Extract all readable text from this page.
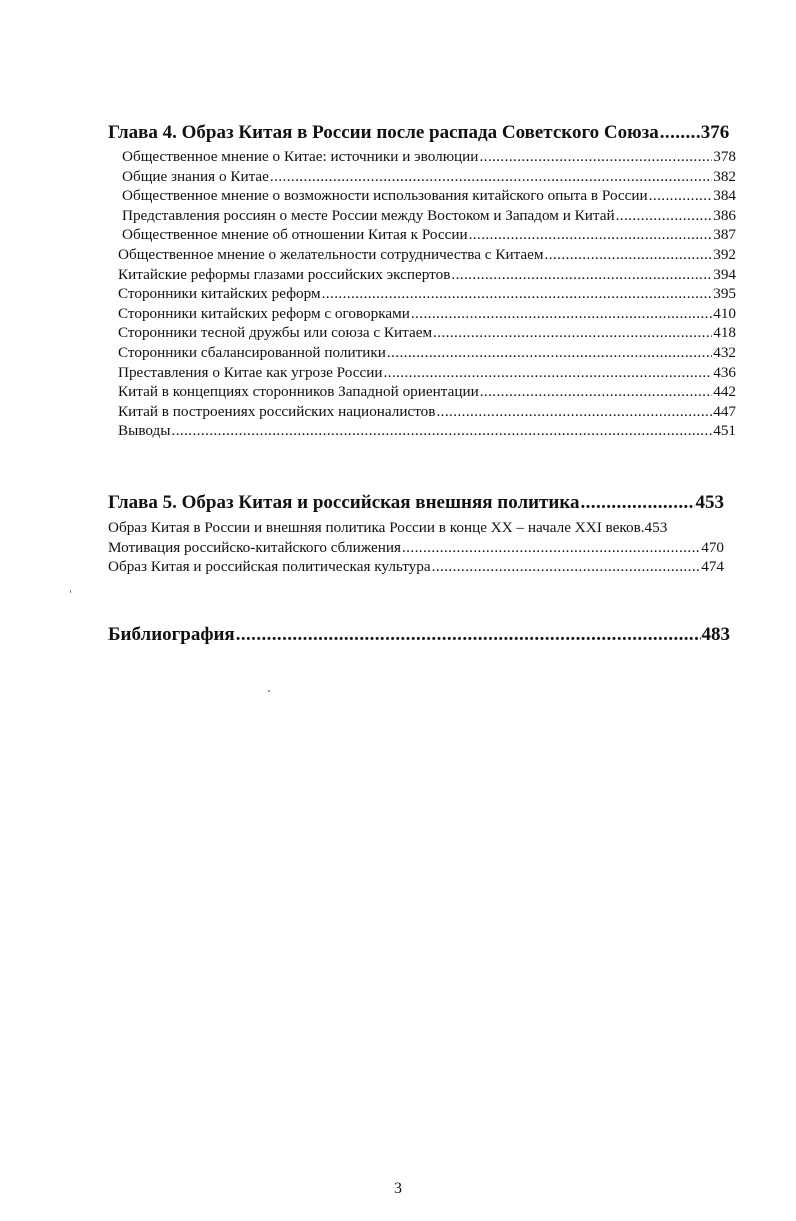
Глава 4. Образ Китая в России после распада Советского Союза ..... 376
Общественное мнение о Китае: источники и эволюции .....	378
Общие знания о Китае .....	382
Общественное мнение о возможности использования китайского опыта в России .....	384
Представления россиян о месте России между Востоком и Западом и Китай .....	386
Общественное мнение об отношении Китая к России .....	387
Общественное мнение о желательности сотрудничества с Китаем .....	392
Китайские реформы глазами российских экспертов .....	394
Сторонники китайских реформ .....	395
Сторонники китайских реформ с оговорками .....	410
Сторонники тесной дружбы или союза с Китаем .....	418
Сторонники сбалансированной политики .....	432
Преставления о Китае как угрозе России .....	436
Китай в концепциях сторонников Западной ориентации .....	442
Китай в построениях российских националистов .....	447
Выводы .....	451
Глава 5. Образ Китая и российская внешняя политика .....	453
Образ Китая в России и внешняя политика России в конце XX – начале XXI веков. 453
Мотивация российско-китайского сближения .....	470
Образ Китая и российская политическая культура .....	474
Библиография .....	483
3
